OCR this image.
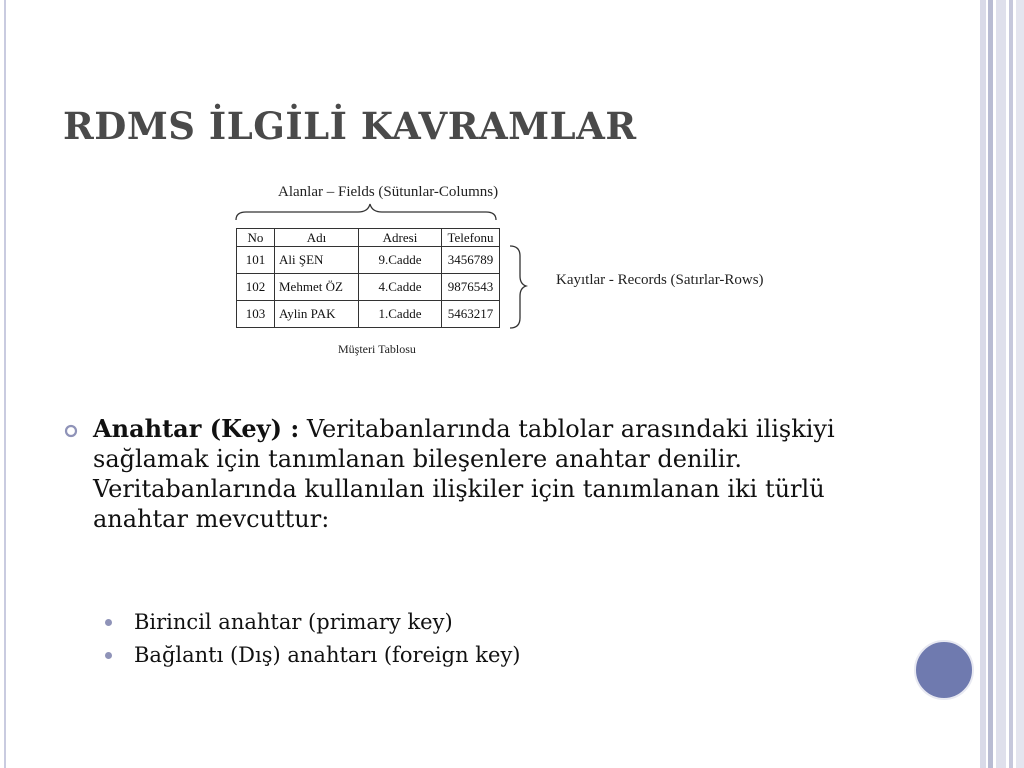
RDMS İLGİLİ KAVRAMLAR
Alanlar – Fields (Sütunlar-Columns)
No	Adı	Adresi	Telefonu
101	Ali ŞEN	9.Cadde	3456789
102	Mehmet ÖZ	4.Cadde	9876543
103	Aylin PAK	1.Cadde	5463217
Kayıtlar - Records (Satırlar-Rows)
Müşteri Tablosu
Anahtar (Key) : Veritabanlarında tablolar arasındaki ilişkiyi sağlamak için tanımlanan bileşenlere anahtar denilir. Veritabanlarında kullanılan ilişkiler için tanımlanan iki türlü anahtar mevcuttur:
Birincil anahtar (primary key)
Bağlantı (Dış) anahtarı (foreign key)
